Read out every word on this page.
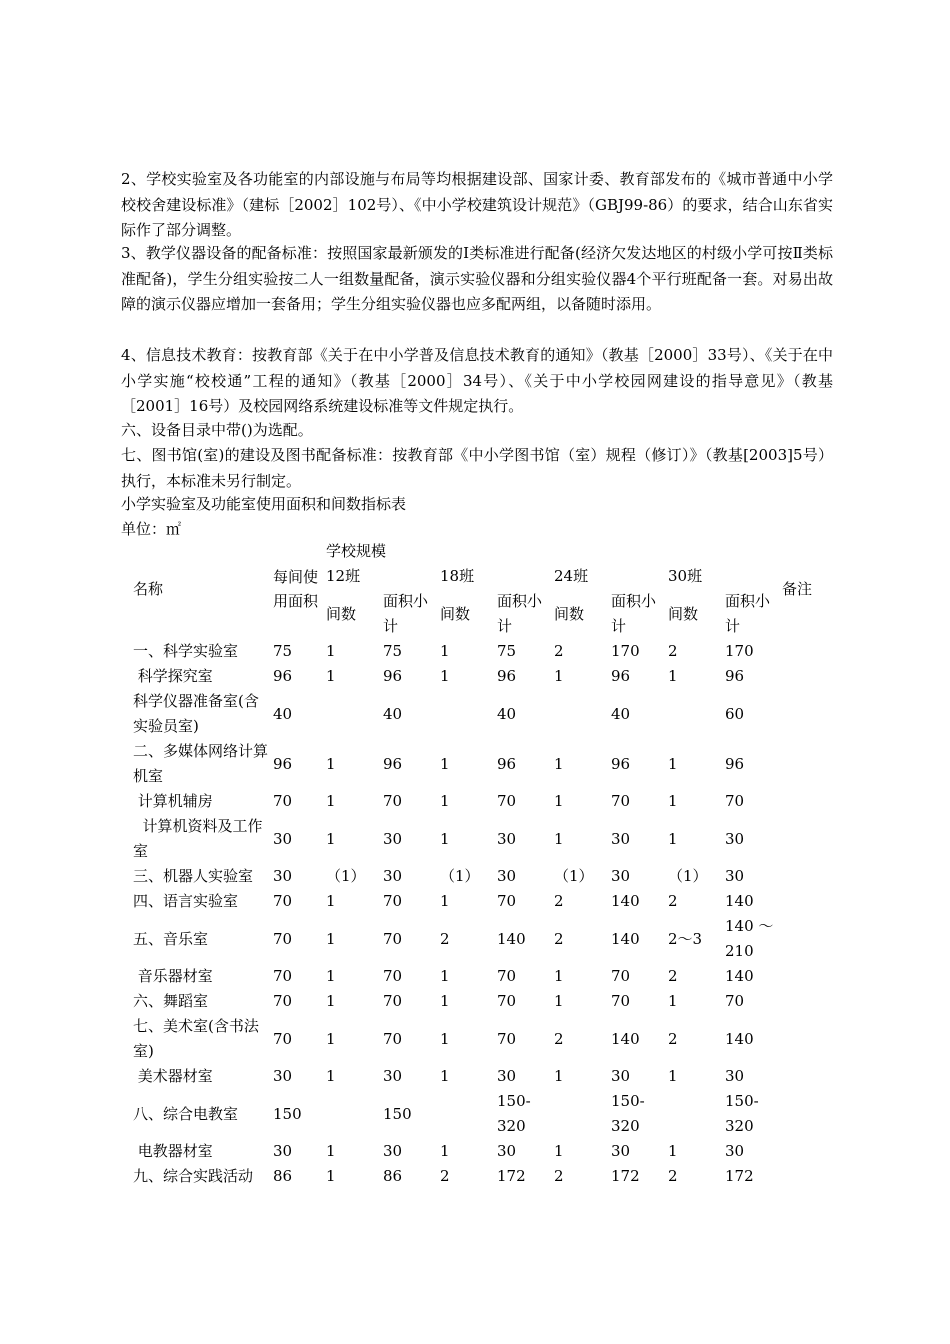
2、学校实验室及各功能室的内部设施与布局等均根据建设部、国家计委、教育部发布的《城市普通中小学校校舍建设标准》（建标［2002］102号）、《中小学校建筑设计规范》（GBJ99-86）的要求，结合山东省实际作了部分调整。

3、教学仪器设备的配备标准：按照国家最新颁发的Ⅰ类标准进行配备(经济欠发达地区的村级小学可按Ⅱ类标准配备)，学生分组实验按二人一组数量配备，演示实验仪器和分组实验仪器4个平行班配备一套。对易出故障的演示仪器应增加一套备用；学生分组实验仪器也应多配两组，以备随时添用。

4、信息技术教育：按教育部《关于在中小学普及信息技术教育的通知》（教基［2000］33号）、《关于在中小学实施“校校通”工程的通知》（教基［2000］34号）、《关于中小学校园网建设的指导意见》（教基［2001］16号）及校园网络系统建设标准等文件规定执行。

六、设备目录中带()为选配。

七、图书馆(室)的建设及图书配备标准：按教育部《中小学图书馆（室）规程（修订）》（教基[2003]5号）执行，本标准未另行制定。

小学实验室及功能室使用面积和间数指标表

单位：㎡

名称	每间使用面积	学校规模								备注
		12班		18班		24班		30班		
		间数	面积小计	间数	面积小计	间数	面积小计	间数	面积小计	

一、科学实验室	75	1	75	1	75	2	170	2	170	
科学探究室	96	1	96	1	96	1	96	1	96	
科学仪器准备室(含实验员室)	40		40		40		40		60	
二、多媒体网络计算机室	96	1	96	1	96	1	96	1	96	
计算机辅房	70	1	70	1	70	1	70	1	70	
计算机资料及工作室	30	1	30	1	30	1	30	1	30	
三、机器人实验室	30	（1）	30	（1）	30	（1）	30	（1）	30	
四、语言实验室	70	1	70	1	70	2	140	2	140	
五、音乐室	70	1	70	2	140	2	140	2～3	140 ～ 210	
音乐器材室	70	1	70	1	70	1	70	2	140	
六、舞蹈室	70	1	70	1	70	1	70	1	70	
七、美术室(含书法室)	70	1	70	1	70	2	140	2	140	
美术器材室	30	1	30	1	30	1	30	1	30	
八、综合电教室	150		150		150-320		150-320		150-320	
电教器材室	30	1	30	1	30	1	30	1	30	
九、综合实践活动	86	1	86	2	172	2	172	2	172	
